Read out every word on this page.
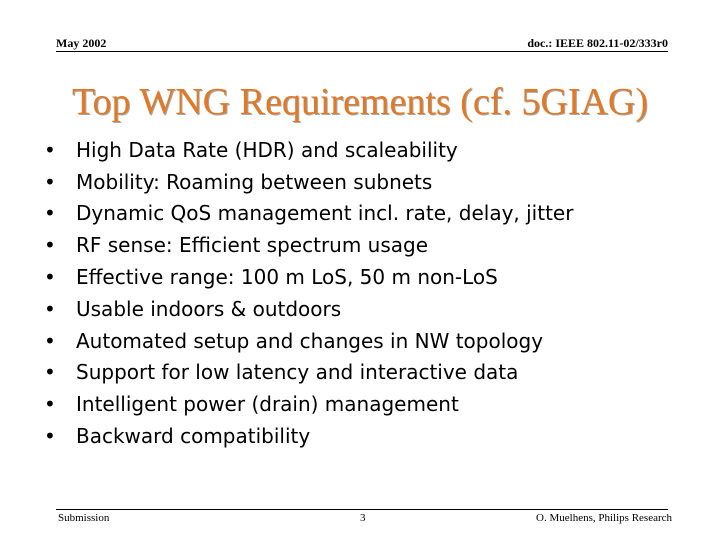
May 2002	doc.: IEEE 802.11-02/333r0
Top WNG Requirements (cf. 5GIAG)
•	High Data Rate (HDR) and scaleability
•	Mobility: Roaming between subnets
•	Dynamic QoS management incl. rate, delay, jitter
•	RF sense: Efficient spectrum usage
•	Effective range: 100 m LoS, 50 m non-LoS
•	Usable indoors & outdoors
•	Automated setup and changes in NW topology
•	Support for low latency and interactive data
•	Intelligent power (drain) management
•	Backward compatibility
Submission	3	O. Muelhens, Philips Research
